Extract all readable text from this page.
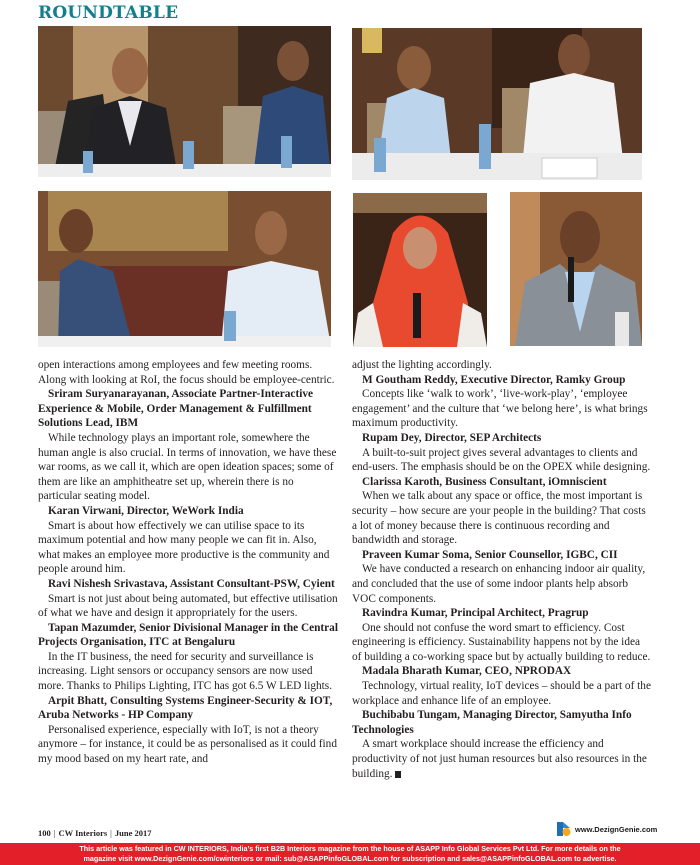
ROUNDTABLE

open interactions among employees and few meeting rooms. Along with looking at RoI, the focus should be employee-centric.

Sriram Suryanarayanan, Associate Partner-Interactive Experience & Mobile, Order Management & Fulfillment Solutions Lead, IBM

While technology plays an important role, somewhere the human angle is also crucial. In terms of innovation, we have these war rooms, as we call it, which are open ideation spaces; some of them are like an amphitheatre set up, wherein there is no particular seating model.

Karan Virwani, Director, WeWork India

Smart is about how effectively we can utilise space to its maximum potential and how many people we can fit in. Also, what makes an employee more productive is the community and people around him.

Ravi Nishesh Srivastava, Assistant Consultant-PSW, Cyient

Smart is not just about being automated, but effective utilisation of what we have and design it appropriately for the users.

Tapan Mazumder, Senior Divisional Manager in the Central Projects Organisation, ITC at Bengaluru

In the IT business, the need for security and surveillance is increasing. Light sensors or occupancy sensors are now used more. Thanks to Philips Lighting, ITC has got 6.5 W LED lights.

Arpit Bhatt, Consulting Systems Engineer-Security & IOT, Aruba Networks - HP Company

Personalised experience, especially with IoT, is not a theory anymore – for instance, it could be as personalised as it could find my mood based on my heart rate, and

adjust the lighting accordingly.

M Goutham Reddy, Executive Director, Ramky Group

Concepts like ‘walk to work’, ‘live-work-play’, ‘employee engagement’ and the culture that ‘we belong here’, is what brings maximum productivity.

Rupam Dey, Director, SEP Architects

A built-to-suit project gives several advantages to clients and end-users. The emphasis should be on the OPEX while designing.

Clarissa Karoth, Business Consultant, iOmniscient

When we talk about any space or office, the most important is security – how secure are your people in the building? That costs a lot of money because there is continuous recording and bandwidth and storage.

Praveen Kumar Soma, Senior Counsellor, IGBC, CII

We have conducted a research on enhancing indoor air quality, and concluded that the use of some indoor plants help absorb VOC components.

Ravindra Kumar, Principal Architect, Pragrup

One should not confuse the word smart to efficiency. Cost engineering is efficiency. Sustainability happens not by the idea of building a co-working space but by actually building to reduce.

Madala Bharath Kumar, CEO, NPRODAX

Technology, virtual reality, IoT devices – should be a part of the workplace and enhance life of an employee.

Buchibabu Tungam, Managing Director, Samyutha Info Technologies

A smart workplace should increase the efficiency and productivity of not just human resources but also resources in the building.

100 | CW Interiors | June 2017	www.DezignGenie.com
This article was featured in CW INTERIORS, India’s first B2B Interiors magazine from the house of ASAPP Info Global Services Pvt Ltd. For more details on the
magazine visit www.DezignGenie.com/cwinteriors or mail: sub@ASAPPinfoGLOBAL.com for subscription and sales@ASAPPinfoGLOBAL.com to advertise.
